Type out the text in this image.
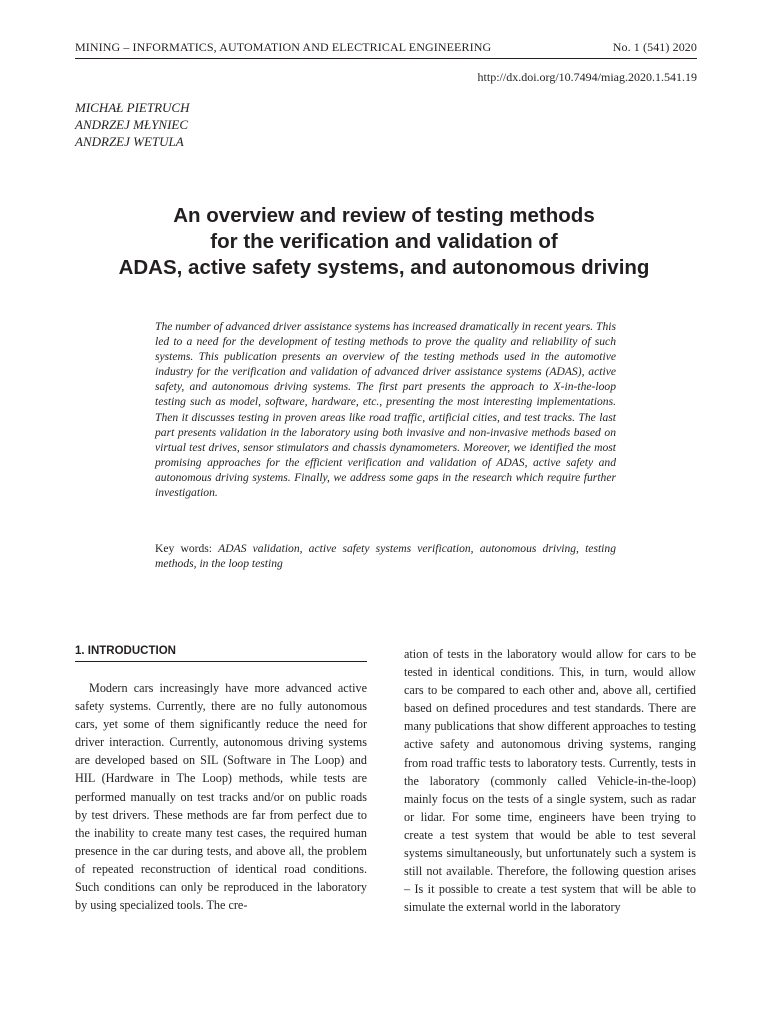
MINING – INFORMATICS, AUTOMATION AND ELECTRICAL ENGINEERING	No. 1 (541) 2020
http://dx.doi.org/10.7494/miag.2020.1.541.19
MICHAŁ PIETRUCH
ANDRZEJ MŁYNIEC
ANDRZEJ WETULA
An overview and review of testing methods
for the verification and validation of
ADAS, active safety systems, and autonomous driving

The number of advanced driver assistance systems has increased dramatically in recent years. This led to a need for the development of testing methods to prove the quality and reliability of such systems. This publication presents an overview of the testing methods used in the automotive industry for the verification and validation of advanced driver assistance systems (ADAS), active safety, and autonomous driving systems. The first part presents the approach to X-in-the-loop testing such as model, software, hardware, etc., presenting the most interesting implementations. Then it discusses testing in proven areas like road traffic, artificial cities, and test tracks. The last part presents validation in the laboratory using both invasive and non-invasive methods based on virtual test drives, sensor stimulators and chassis dynamometers. Moreover, we identified the most promising approaches for the efficient verification and validation of ADAS, active safety and autonomous driving systems. Finally, we address some gaps in the research which require further investigation.

Key words: ADAS validation, active safety systems verification, autonomous driving, testing methods, in the loop testing

1. INTRODUCTION

Modern cars increasingly have more advanced active safety systems. Currently, there are no fully autonomous cars, yet some of them significantly reduce the need for driver interaction. Currently, autonomous driving systems are developed based on SIL (Software in The Loop) and HIL (Hardware in The Loop) methods, while tests are performed manually on test tracks and/or on public roads by test drivers. These methods are far from perfect due to the inability to create many test cases, the required human presence in the car during tests, and above all, the problem of repeated reconstruction of identical road conditions. Such conditions can only be reproduced in the laboratory by using specialized tools. The cre-

ation of tests in the laboratory would allow for cars to be tested in identical conditions. This, in turn, would allow cars to be compared to each other and, above all, certified based on defined procedures and test standards. There are many publications that show different approaches to testing active safety and autonomous driving systems, ranging from road traffic tests to laboratory tests. Currently, tests in the laboratory (commonly called Vehicle-in-the-loop) mainly focus on the tests of a single system, such as radar or lidar. For some time, engineers have been trying to create a test system that would be able to test several systems simultaneously, but unfortunately such a system is still not available. Therefore, the following question arises – Is it possible to create a test system that will be able to simulate the external world in the laboratory
